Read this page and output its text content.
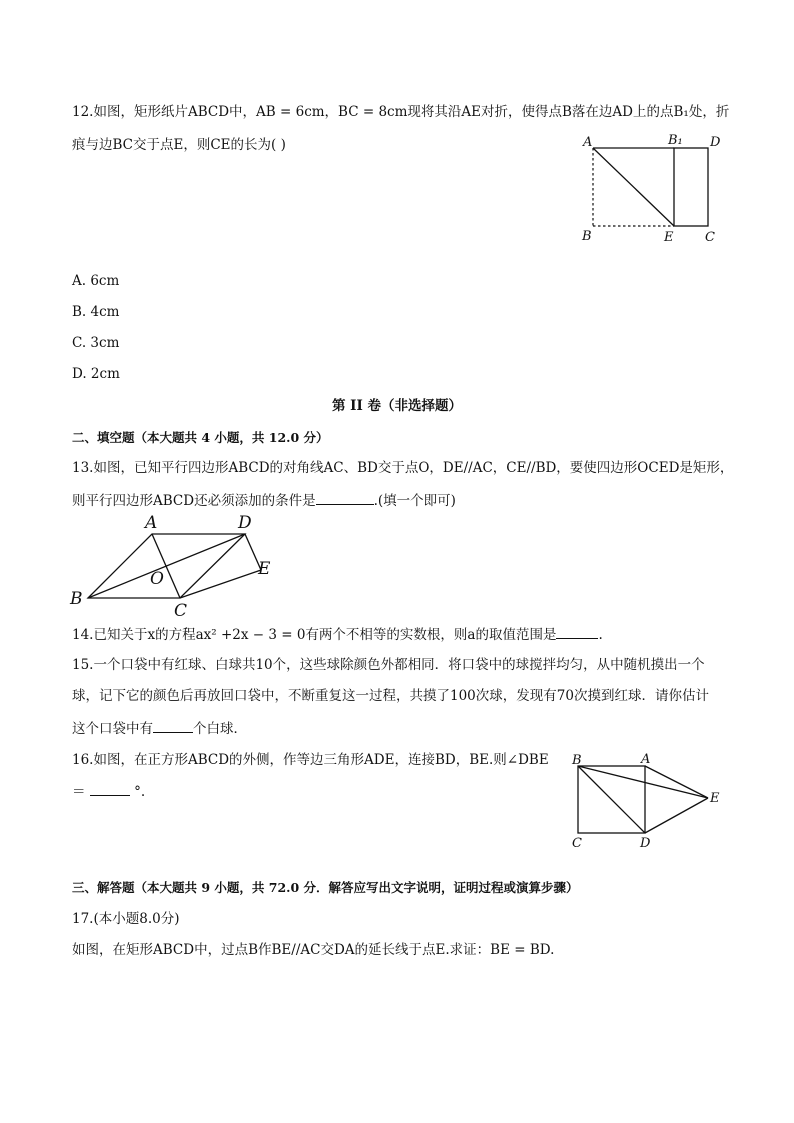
12.如图，矩形纸片ABCD中，AB = 6cm，BC = 8cm现将其沿AE对折，使得点B落在边AD上的点B₁处，折
痕与边BC交于点E，则CE的长为( )	A	B₁ D
B	E C
A. 6cm
B. 4cm
C. 3cm
D. 2cm
第 II 卷（非选择题）
二、填空题（本大题共 4 小题，共 12.0 分）
13.如图，已知平行四边形ABCD的对角线AC、BD交于点O，DE//AC，CE//BD，要使四边形OCED是矩形，
则平行四边形ABCD还必须添加的条件是	.(填一个即可)
A	D
E
O
B
C
14.已知关于x的方程ax² +2x − 3 = 0有两个不相等的实数根，则a的取值范围是	.
15.一个口袋中有红球、白球共10个，这些球除颜色外都相同．将口袋中的球搅拌均匀，从中随机摸出一个
球，记下它的颜色后再放回口袋中，不断重复这一过程，共摸了100次球，发现有70次摸到红球．请你估计
这个口袋中有	个白球．
16.如图，在正方形ABCD的外侧，作等边三角形ADE，连接BD，BE.则∠DBE
＝	°.
B	A
E
C	D
三、解答题（本大题共 9 小题，共 72.0 分．解答应写出文字说明，证明过程或演算步骤）
17.(本小题8.0分)
如图，在矩形ABCD中，过点B作BE//AC交DA的延长线于点E.求证：BE = BD.
